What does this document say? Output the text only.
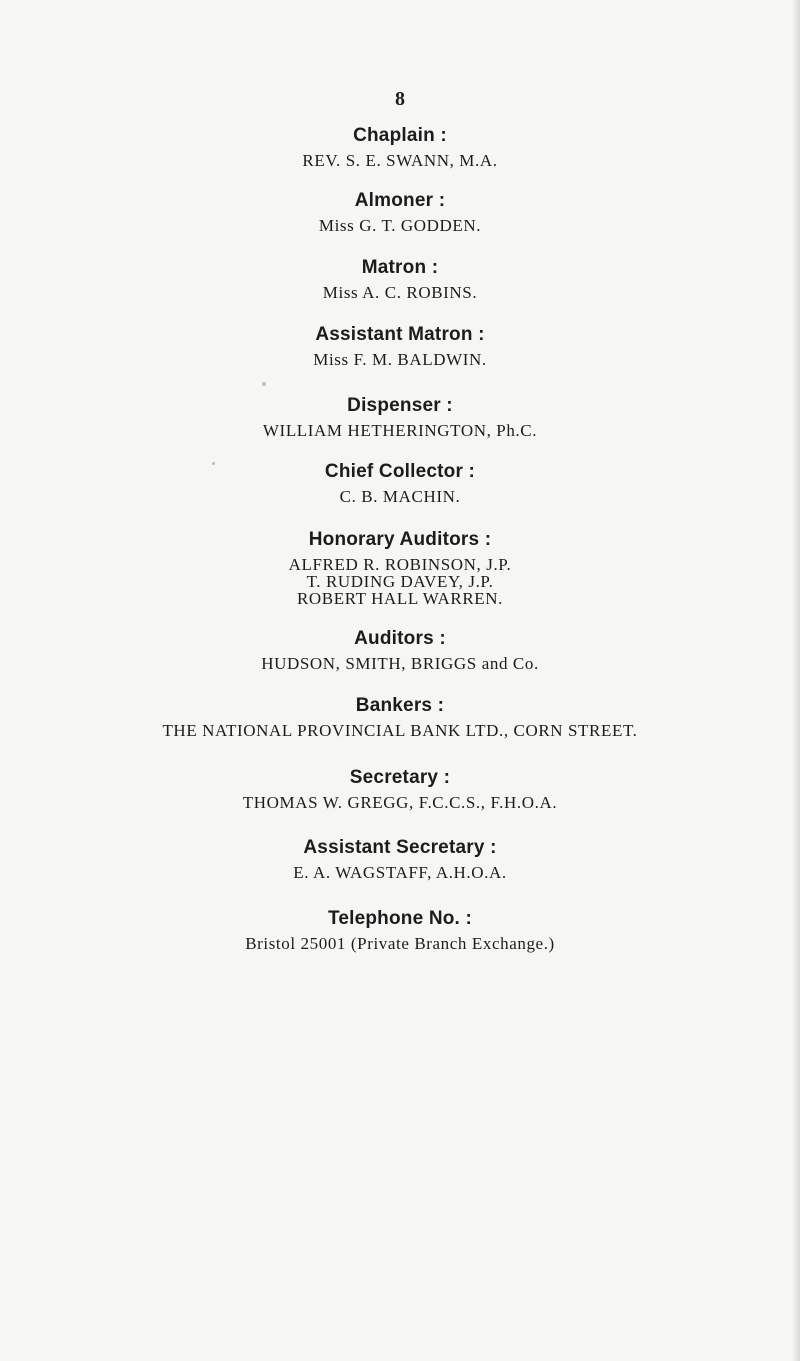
8
Chaplain :
REV. S. E. SWANN, M.A.
Almoner :
Miss G. T. GODDEN.
Matron :
Miss A. C. ROBINS.
Assistant Matron :
Miss F. M. BALDWIN.
Dispenser :
WILLIAM HETHERINGTON, Ph.C.
Chief Collector :
C. B. MACHIN.
Honorary Auditors :
ALFRED R. ROBINSON, J.P.
T. RUDING DAVEY, J.P.
ROBERT HALL WARREN.
Auditors :
HUDSON, SMITH, BRIGGS and Co.
Bankers :
THE NATIONAL PROVINCIAL BANK LTD., CORN STREET.
Secretary :
THOMAS W. GREGG, F.C.C.S., F.H.O.A.
Assistant Secretary :
E. A. WAGSTAFF, A.H.O.A.
Telephone No. :
Bristol 25001 (Private Branch Exchange.)
